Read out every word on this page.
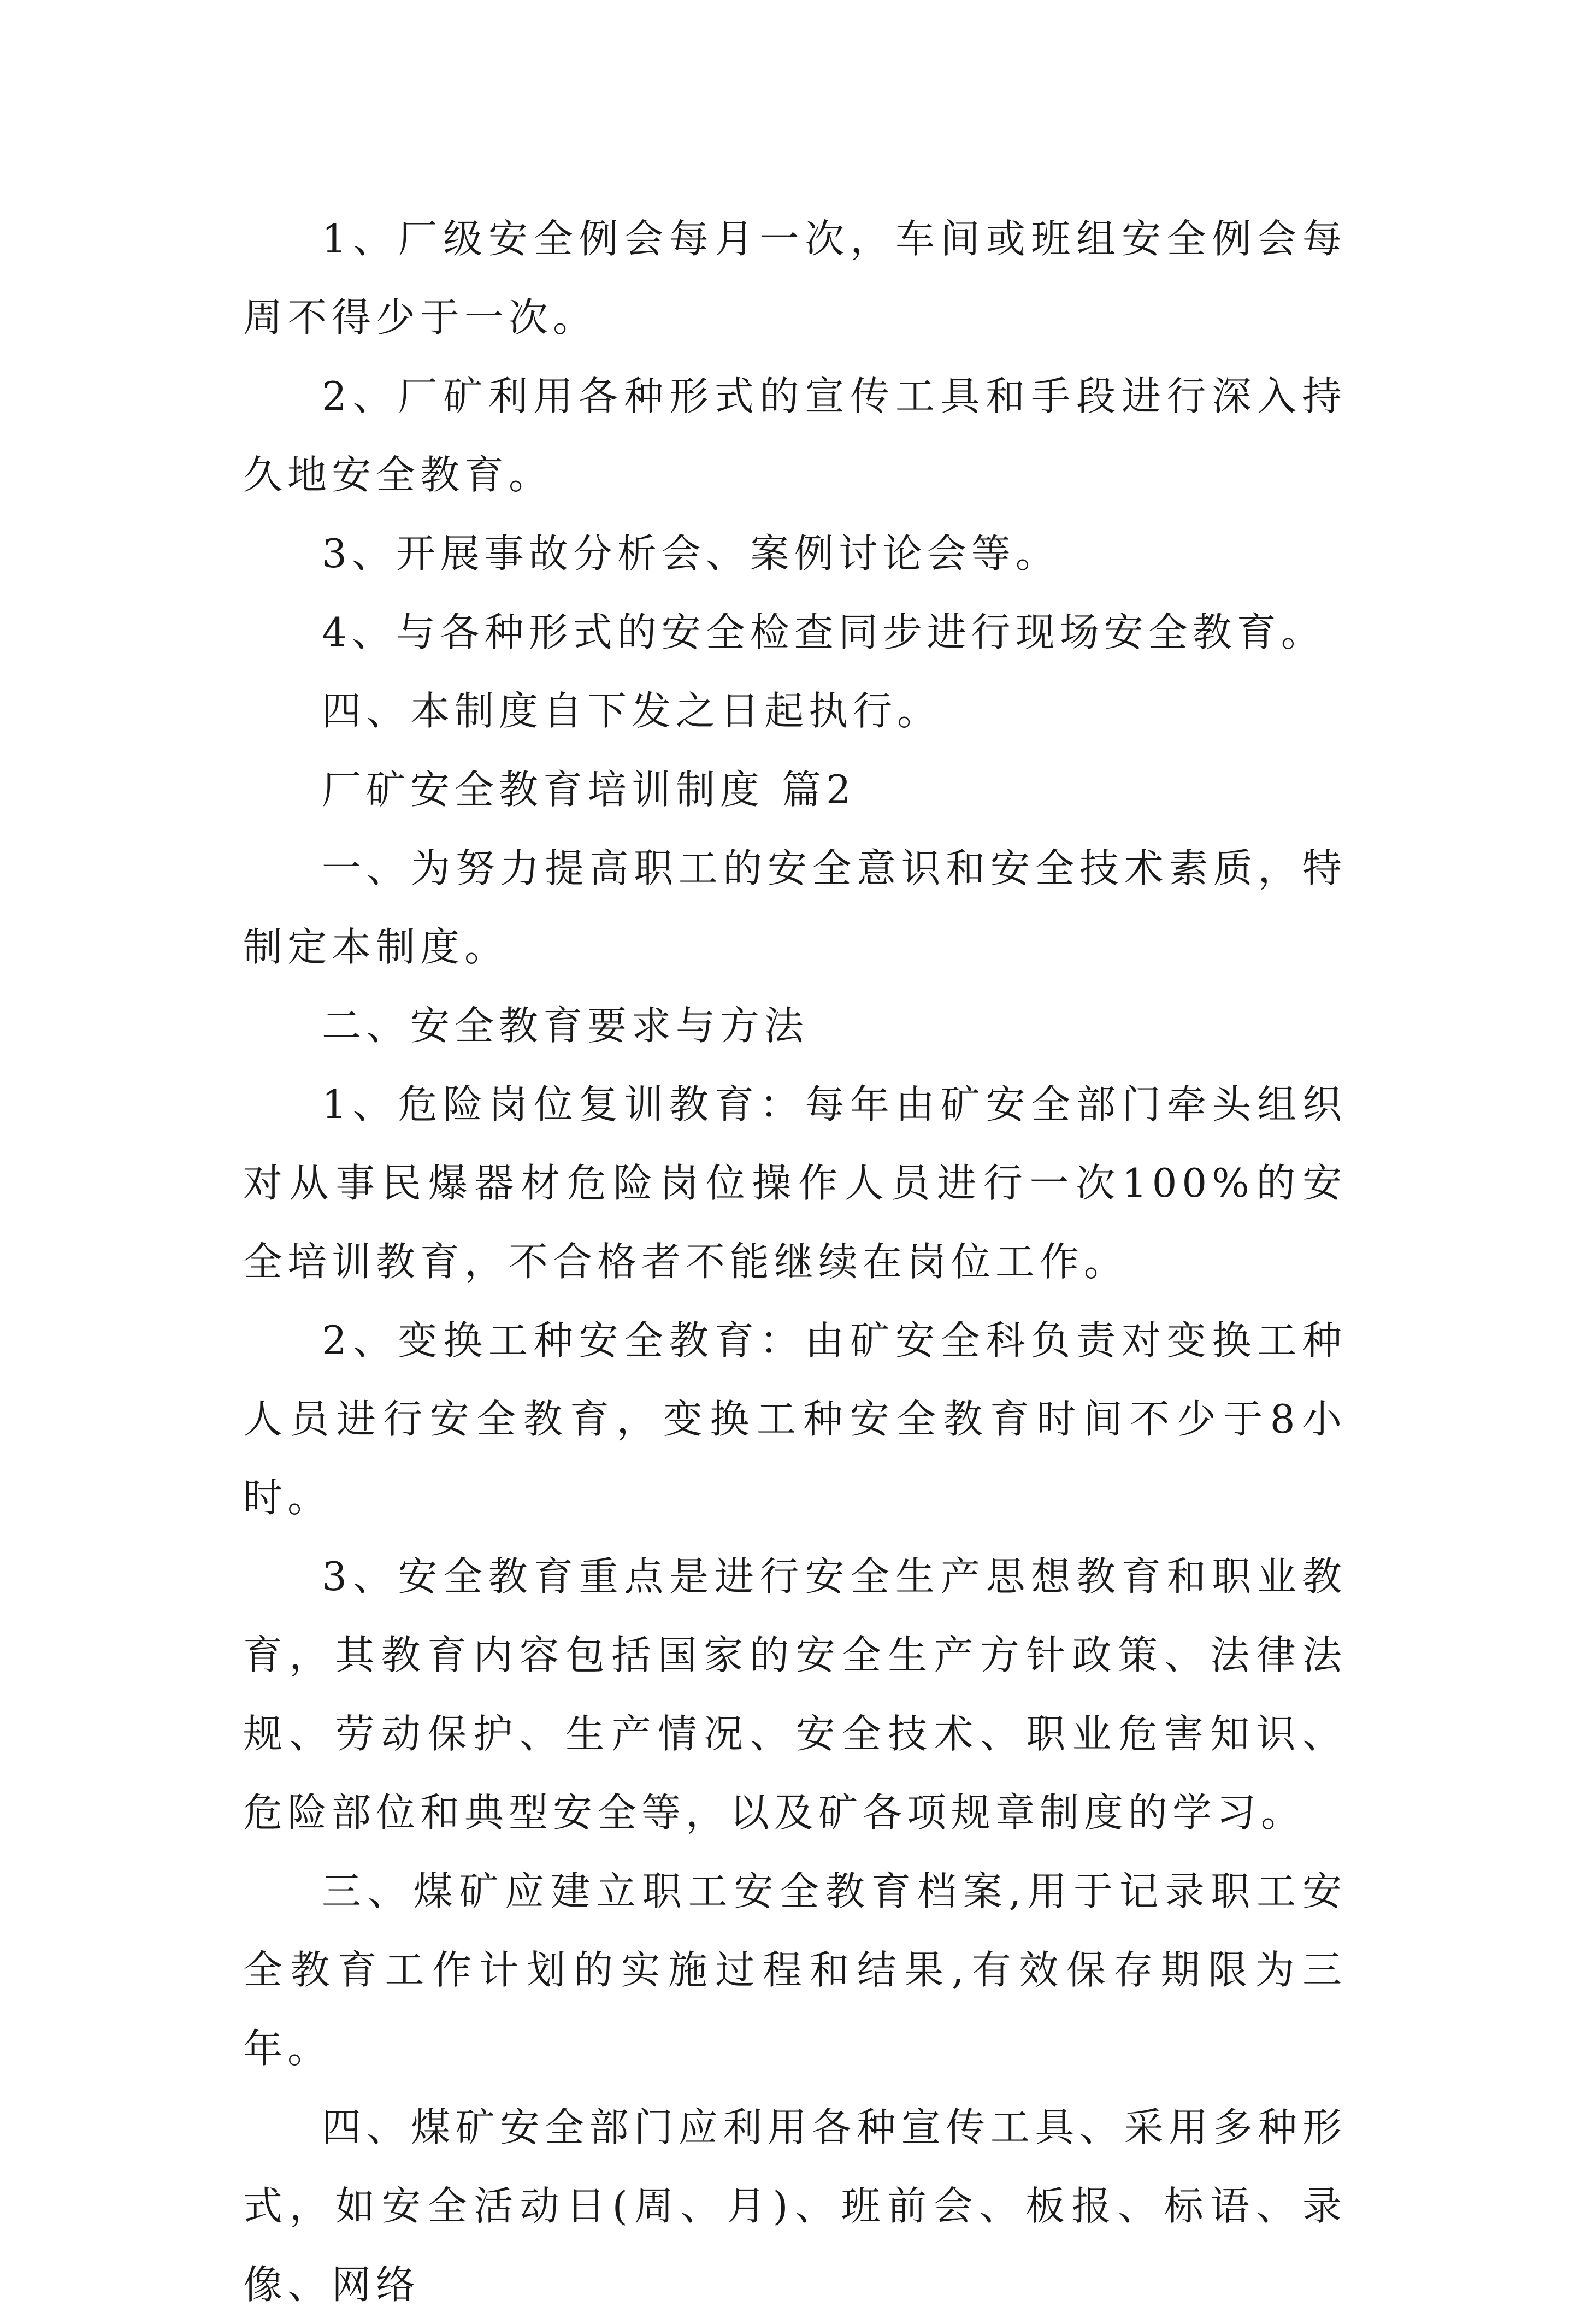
1、厂级安全例会每月一次，车间或班组安全例会每周不得少于一次。

2、厂矿利用各种形式的宣传工具和手段进行深入持久地安全教育。

3、开展事故分析会、案例讨论会等。

4、与各种形式的安全检查同步进行现场安全教育。

四、本制度自下发之日起执行。

厂矿安全教育培训制度 篇2

一、为努力提高职工的安全意识和安全技术素质，特制定本制度。

二、安全教育要求与方法

1、危险岗位复训教育：每年由矿安全部门牵头组织对从事民爆器材危险岗位操作人员进行一次100%的安全培训教育，不合格者不能继续在岗位工作。

2、变换工种安全教育：由矿安全科负责对变换工种人员进行安全教育，变换工种安全教育时间不少于8小时。

3、安全教育重点是进行安全生产思想教育和职业教育，其教育内容包括国家的安全生产方针政策、法律法规、劳动保护、生产情况、安全技术、职业危害知识、危险部位和典型安全等，以及矿各项规章制度的学习。

三、煤矿应建立职工安全教育档案,用于记录职工安全教育工作计划的实施过程和结果,有效保存期限为三年。

四、煤矿安全部门应利用各种宣传工具、采用多种形式，如安全活动日(周、月)、班前会、板报、标语、录像、网络
